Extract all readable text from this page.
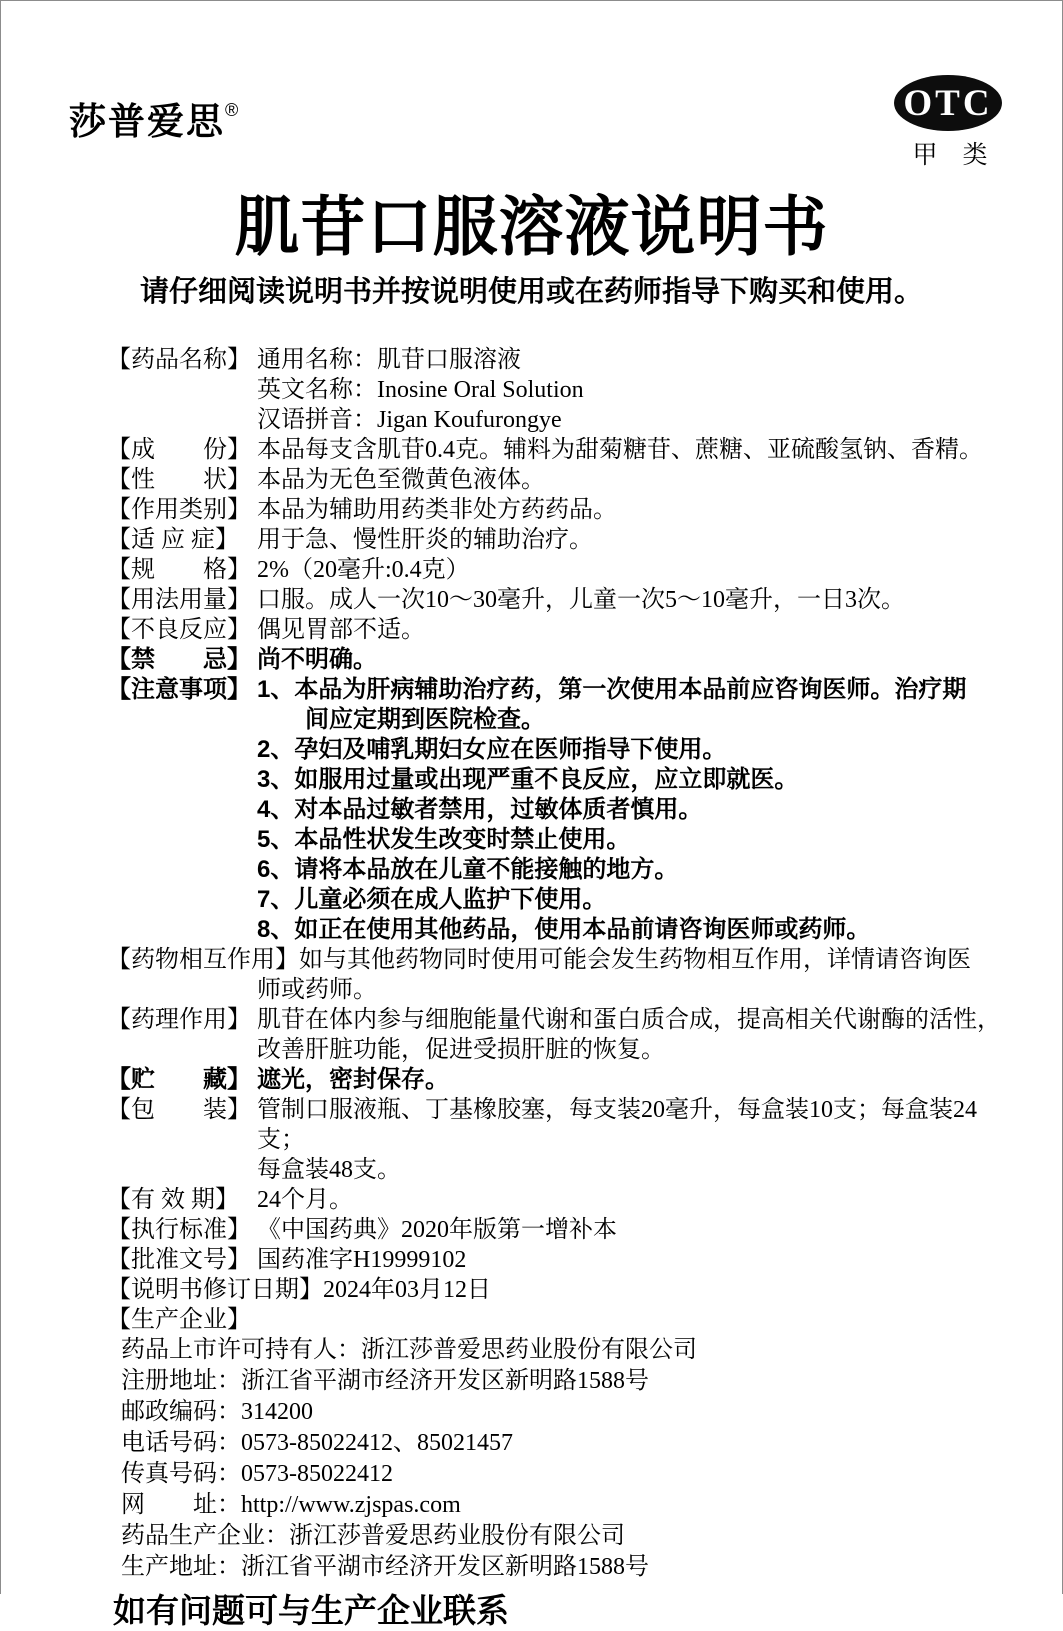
莎普爱思®	OTC
甲　类
肌苷口服溶液说明书
请仔细阅读说明书并按说明使用或在药师指导下购买和使用。
【药品名称】 通用名称：肌苷口服溶液
英文名称：Inosine Oral Solution
汉语拼音：Jigan Koufurongye
【成　　份】 本品每支含肌苷0.4克。辅料为甜菊糖苷、蔗糖、亚硫酸氢钠、香精。
【性　　状】 本品为无色至微黄色液体。
【作用类别】 本品为辅助用药类非处方药药品。
【适 应 症】 用于急、慢性肝炎的辅助治疗。
【规　　格】 2%（20毫升:0.4克）
【用法用量】 口服。成人一次10～30毫升，儿童一次5～10毫升，一日3次。
【不良反应】 偶见胃部不适。
【禁　　忌】 尚不明确。
【注意事项】 1、本品为肝病辅助治疗药，第一次使用本品前应咨询医师。治疗期
间应定期到医院检查。
2、孕妇及哺乳期妇女应在医师指导下使用。
3、如服用过量或出现严重不良反应，应立即就医。
4、对本品过敏者禁用，过敏体质者慎用。
5、本品性状发生改变时禁止使用。
6、请将本品放在儿童不能接触的地方。
7、儿童必须在成人监护下使用。
8、如正在使用其他药品，使用本品前请咨询医师或药师。
【药物相互作用】如与其他药物同时使用可能会发生药物相互作用，详情请咨询医
师或药师。
【药理作用】 肌苷在体内参与细胞能量代谢和蛋白质合成，提高相关代谢酶的活性，
改善肝脏功能，促进受损肝脏的恢复。
【贮　　藏】 遮光，密封保存。
【包　　装】 管制口服液瓶、丁基橡胶塞，每支装20毫升，每盒装10支；每盒装24支；
每盒装48支。
【有 效 期】 24个月。
【执行标准】 《中国药典》2020年版第一增补本
【批准文号】 国药准字H19999102
【说明书修订日期】2024年03月12日
【生产企业】
药品上市许可持有人：浙江莎普爱思药业股份有限公司
注册地址：浙江省平湖市经济开发区新明路1588号
邮政编码：314200
电话号码：0573-85022412、85021457
传真号码：0573-85022412
网　　址：http://www.zjspas.com
药品生产企业：浙江莎普爱思药业股份有限公司
生产地址：浙江省平湖市经济开发区新明路1588号
如有问题可与生产企业联系
